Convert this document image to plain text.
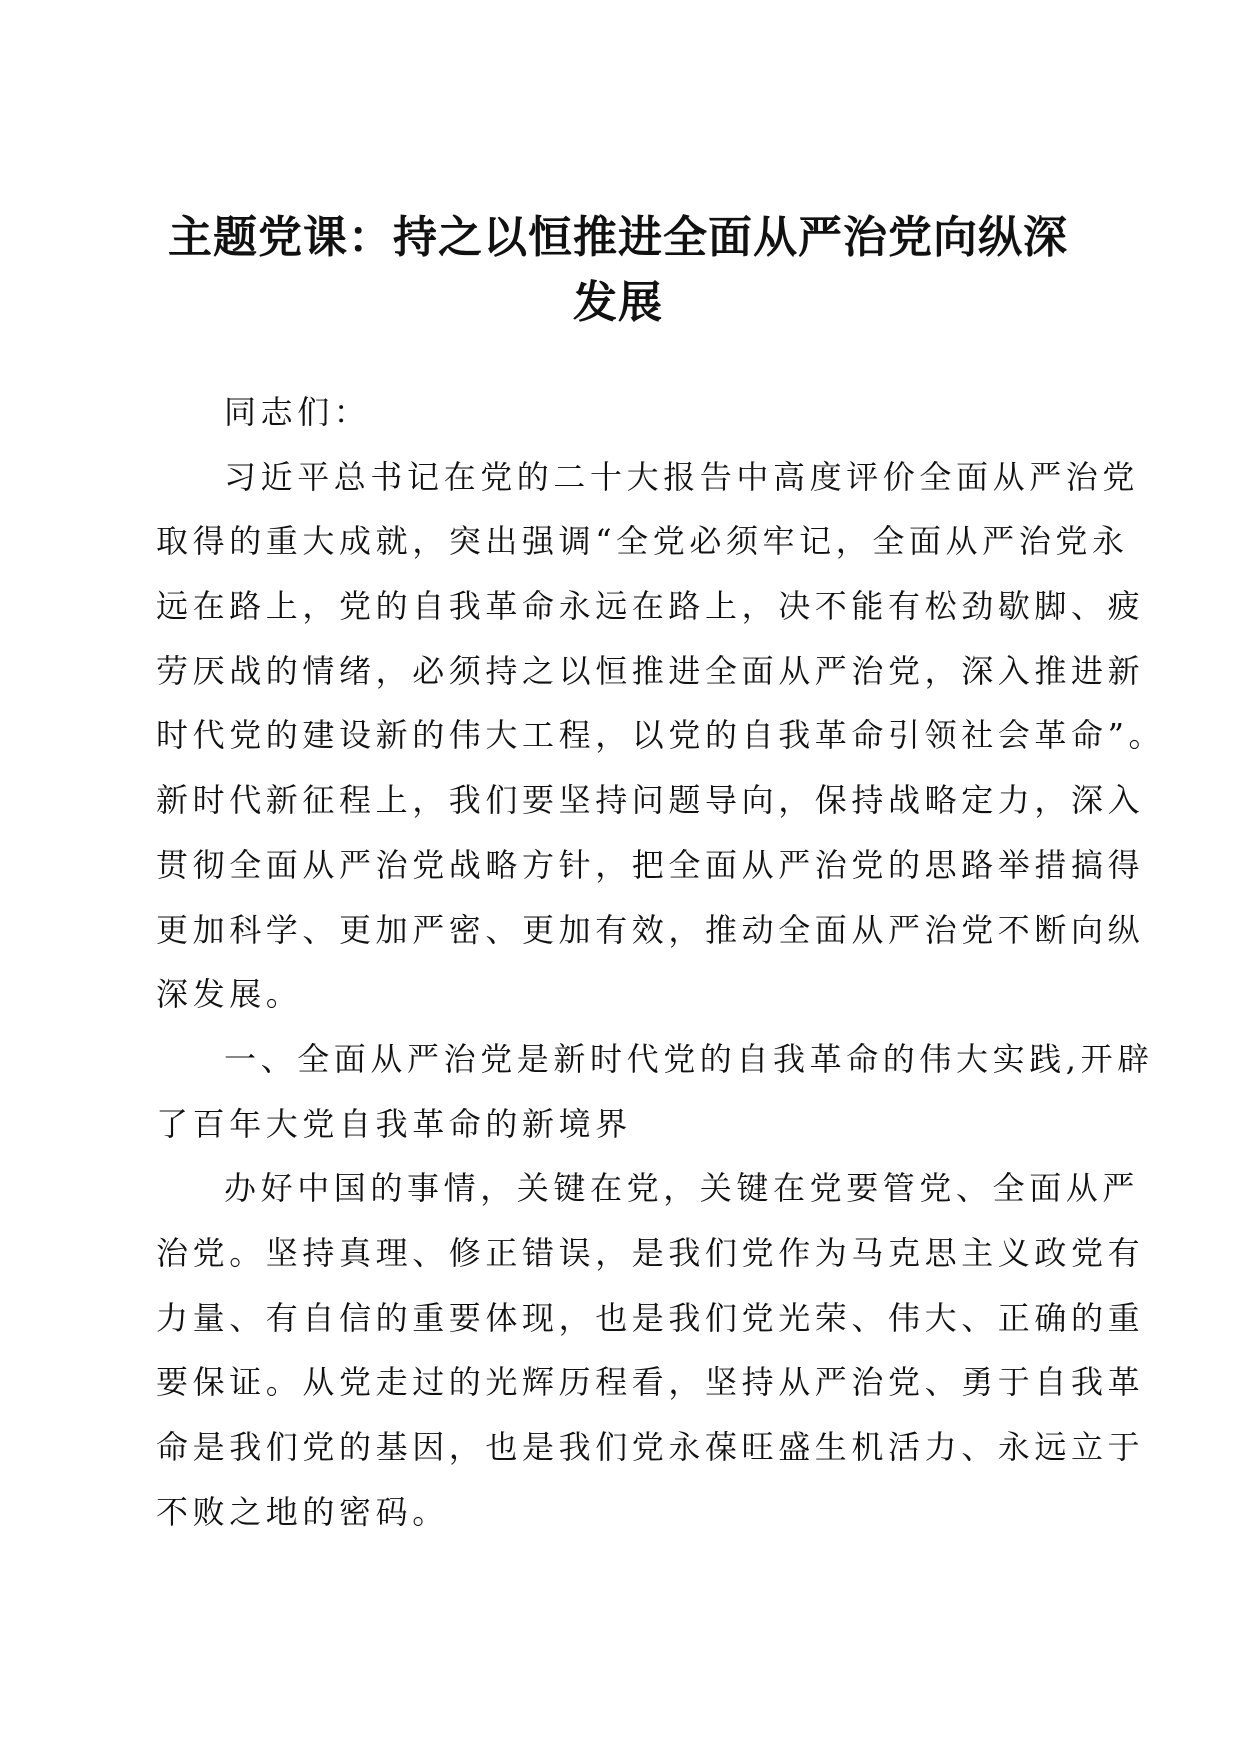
主题党课：持之以恒推进全面从严治党向纵深
发展
同志们：
习近平总书记在党的二十大报告中高度评价全面从严治党
取得的重大成就，突出强调“全党必须牢记，全面从严治党永
远在路上，党的自我革命永远在路上，决不能有松劲歇脚、疲
劳厌战的情绪，必须持之以恒推进全面从严治党，深入推进新
时代党的建设新的伟大工程，以党的自我革命引领社会革命”。
新时代新征程上，我们要坚持问题导向，保持战略定力，深入
贯彻全面从严治党战略方针，把全面从严治党的思路举措搞得
更加科学、更加严密、更加有效，推动全面从严治党不断向纵
深发展。
一、全面从严治党是新时代党的自我革命的伟大实践,开辟
了百年大党自我革命的新境界
办好中国的事情，关键在党，关键在党要管党、全面从严
治党。坚持真理、修正错误，是我们党作为马克思主义政党有
力量、有自信的重要体现，也是我们党光荣、伟大、正确的重
要保证。从党走过的光辉历程看，坚持从严治党、勇于自我革
命是我们党的基因，也是我们党永葆旺盛生机活力、永远立于
不败之地的密码。
